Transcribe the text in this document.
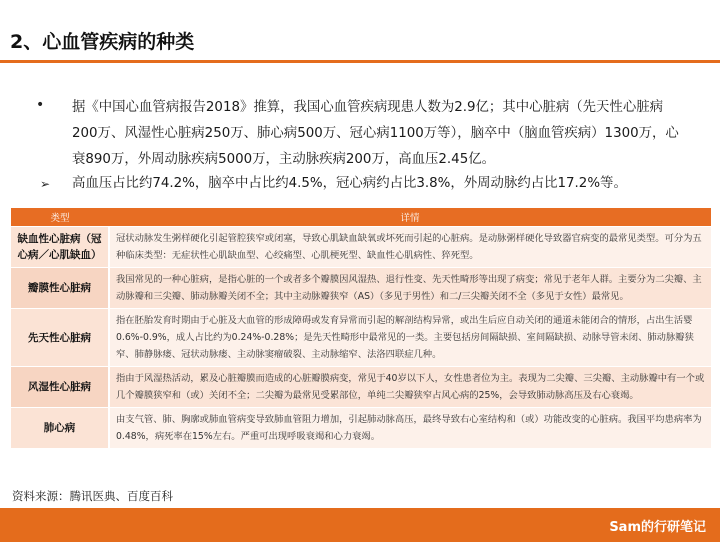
2、心血管疾病的种类
• 据《中国心血管病报告2018》推算，我国心血管疾病现患人数为2.9亿；其中心脏病（先天性心脏病200万、风湿性心脏病250万、肺心病500万、冠心病1100万等），脑卒中（脑血管疾病）1300万，心衰890万，外周动脉疾病5000万，主动脉疾病200万，高血压2.45亿。
➢ 高血压占比约74.2%，脑卒中占比约4.5%，冠心病约占比3.8%，外周动脉约占比17.2%等。
类型	详情
缺血性心脏病（冠心病／心肌缺血）	冠状动脉发生粥样硬化引起管腔狭窄或闭塞，导致心肌缺血缺氧或坏死而引起的心脏病。是动脉粥样硬化导致器官病变的最常见类型。可分为五种临床类型：无症状性心肌缺血型、心绞痛型、心肌梗死型、缺血性心肌病性、猝死型。
瓣膜性心脏病	我国常见的一种心脏病，是指心脏的一个或者多个瓣膜因风湿热、退行性变、先天性畸形等出现了病变；常见于老年人群。主要分为二尖瓣、主动脉瓣和三尖瓣、肺动脉瓣关闭不全；其中主动脉瓣狭窄（AS）（多见于男性）和二/三尖瓣关闭不全（多见于女性）最常见。
先天性心脏病	指在胚胎发育时期由于心脏及大血管的形成障碍或发育异常而引起的解剖结构异常，或出生后应自动关闭的通道未能闭合的情形，占出生活婴0.6%-0.9%，成人占比约为0.24%-0.28%；是先天性畸形中最常见的一类。主要包括房间隔缺损、室间隔缺损、动脉导管未闭、肺动脉瓣狭窄、肺静脉瘘、冠状动脉瘘、主动脉窦瘤破裂、主动脉缩窄、法洛四联症几种。
风湿性心脏病	指由于风湿热活动，累及心脏瓣膜而造成的心脏瓣膜病变，常见于40岁以下人，女性患者位为主。表现为二尖瓣、三尖瓣、主动脉瓣中有一个或几个瓣膜狭窄和（或）关闭不全；二尖瓣为最常见受累部位，单纯二尖瓣狭窄占风心病的25%，会导致肺动脉高压及右心衰竭。
肺心病	由支气管、肺、胸廓或肺血管病变导致肺血管阻力增加，引起肺动脉高压，最终导致右心室结构和（或）功能改变的心脏病。我国平均患病率为0.48%，病死率在15%左右。严重可出现呼吸衰竭和心力衰竭。
资料来源：腾讯医典、百度百科
Sam的行研笔记
